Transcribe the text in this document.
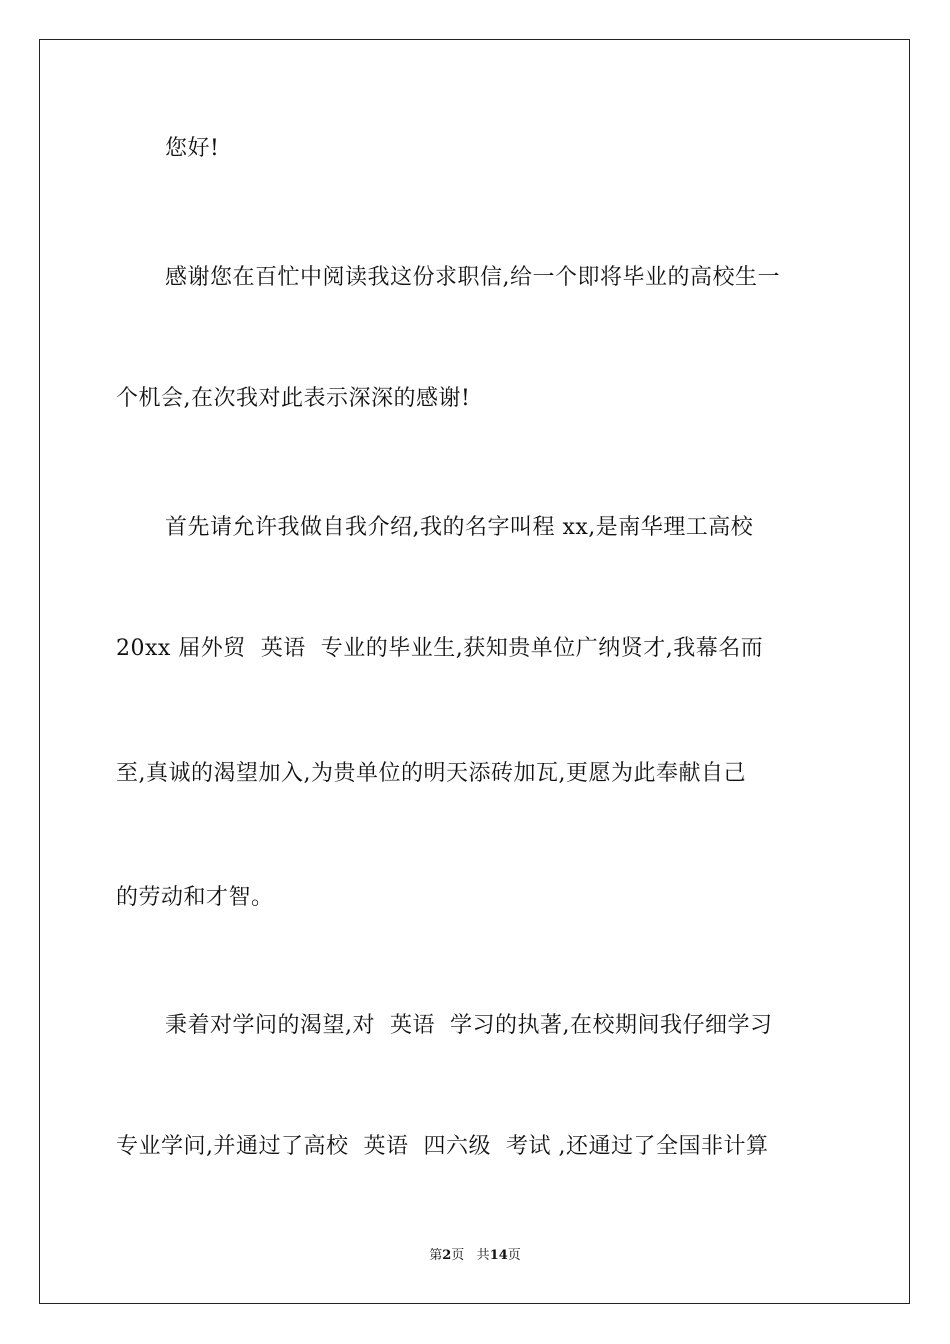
您好!
感谢您在百忙中阅读我这份求职信,给一个即将毕业的高校生一
个机会,在次我对此表示深深的感谢!
首先请允许我做自我介绍,我的名字叫程 xx,是南华理工高校
20xx 届外贸  英语  专业的毕业生,获知贵单位广纳贤才,我幕名而
至,真诚的渴望加入,为贵单位的明天添砖加瓦,更愿为此奉献自己
的劳动和才智。
秉着对学问的渴望,对  英语  学习的执著,在校期间我仔细学习
专业学问,并通过了高校  英语  四六级  考试 ,还通过了全国非计算
第2页 共14页
